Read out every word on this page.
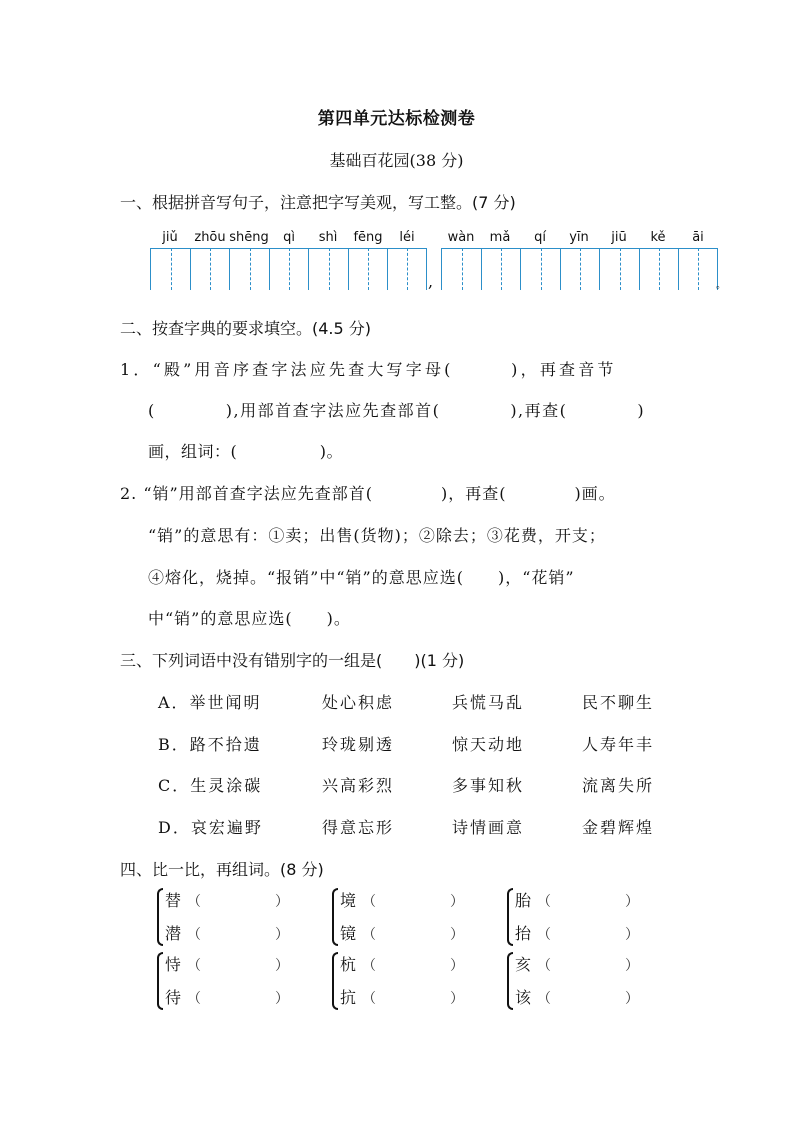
第四单元达标检测卷
基础百花园(38 分)
一、根据拼音写句子，注意把字写美观，写工整。(7 分)
jiǔ zhōu shēng qì shì fēng léi	wàn mǎ qí yīn jiū kě āi
,	。
二、按查字典的要求填空。(4.5 分)
1．“殿”用音序查字法应先查大写字母(　　　)，再查音节
(　　　　),用部首查字法应先查部首(　　　　),再查(　　　　)
画，组词：(　　　　　)。
2. “销”用部首查字法应先查部首(　　　　)，再查(　　　　)画。
“销”的意思有：①卖；出售(货物)；②除去；③花费，开支；
④熔化，烧掉。“报销”中“销”的意思应选(　　)，“花销”
中“销”的意思应选(　　)。
三、下列词语中没有错别字的一组是(　　)(1 分)
A．举世闻明	处心积虑	兵慌马乱	民不聊生
B．路不拾遗	玲珑剔透	惊天动地	人寿年丰
C．生灵涂碳	兴高彩烈	多事知秋	流离失所
D．哀宏遍野	得意忘形	诗情画意	金碧辉煌
四、比一比，再组词。(8 分)
替 （	）
潜 （	）
境 （	）
镜 （	）
胎 （	）
抬 （	）
恃 （	）
待 （	）
杭 （	）
抗 （	）
亥 （	）
该 （	）
